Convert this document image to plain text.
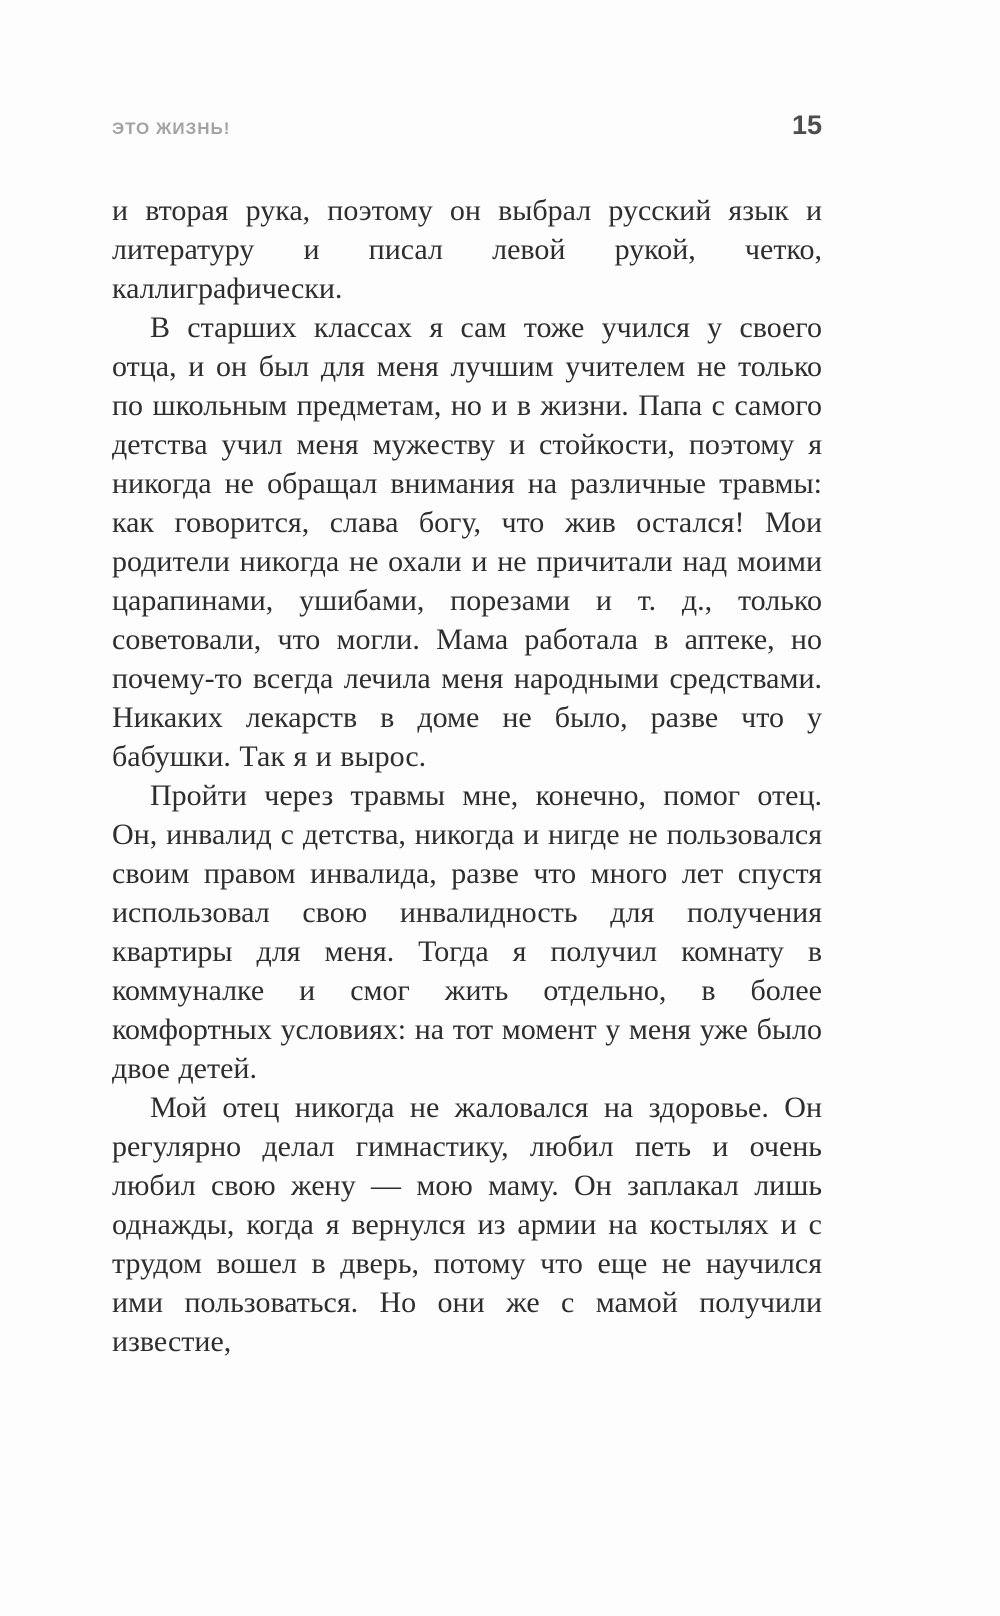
ЭТО ЖИЗНЬ!	15

и вторая рука, поэтому он выбрал русский язык и литературу и писал левой рукой, четко, каллиграфически.

В старших классах я сам тоже учился у своего отца, и он был для меня лучшим учителем не только по школьным предметам, но и в жизни. Папа с самого детства учил меня мужеству и стойкости, поэтому я никогда не обращал внимания на различные травмы: как говорится, слава богу, что жив остался! Мои родители никогда не охали и не причитали над моими царапинами, ушибами, порезами и т. д., только советовали, что могли. Мама работала в аптеке, но почему-то всегда лечила меня народными средствами. Никаких лекарств в доме не было, разве что у бабушки. Так я и вырос.

Пройти через травмы мне, конечно, помог отец. Он, инвалид с детства, никогда и нигде не пользовался своим правом инвалида, разве что много лет спустя использовал свою инвалидность для получения квартиры для меня. Тогда я получил комнату в коммуналке и смог жить отдельно, в более комфортных условиях: на тот момент у меня уже было двое детей.

Мой отец никогда не жаловался на здоровье. Он регулярно делал гимнастику, любил петь и очень любил свою жену — мою маму. Он заплакал лишь однажды, когда я вернулся из армии на костылях и с трудом вошел в дверь, потому что еще не научился ими пользоваться. Но они же с мамой получили известие,
